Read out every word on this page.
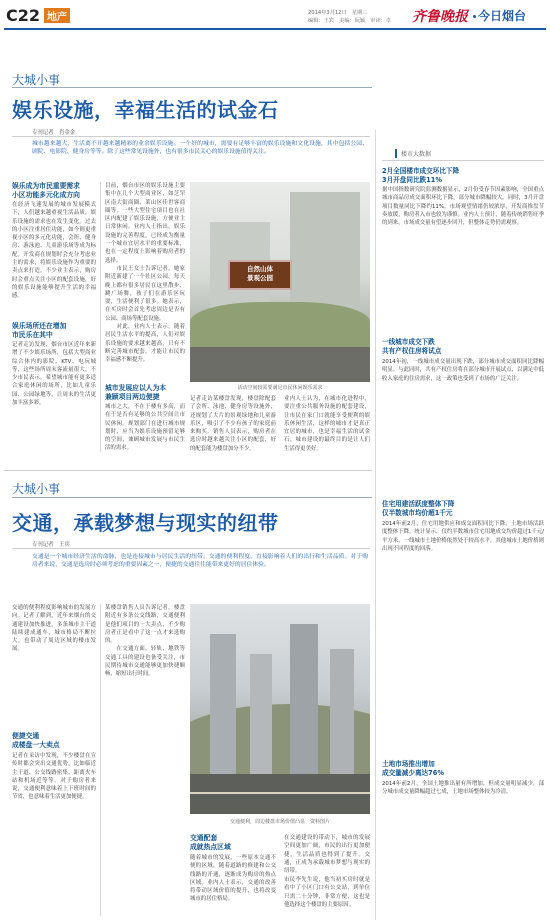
C22 地产	2014年3月12日　星期三
编辑：王宾　美编：阮颖　审读：卓 齐鲁晚报 今日烟台
大城小事
娱乐设施，幸福生活的试金石
专刊记者　肖金金
城市越来越大，生活离不开越来越精彩的业余娱乐设施。一个好的城市，需要有足够丰富的娱乐设施和文化设施，其中包括公园、剧院、电影院、健身房等等。除了这些常见设施外，也有很多市民关心的娱乐设施值得关注。
娱乐成为市民重要需求
小区功能多元化成方向
在经济飞速发展的城市发展模式下，人们越来越重视生活品质，娱乐设施的需求也在发生变化。过去的小区注重居住功能，如今则更重视小区的多元化功能，会所、健身房、游泳池、儿童游乐场等成为标配。开发商在规划时会充分考虑业主的需求，将娱乐设施作为重要的卖点来打造。不少业主表示，购房时会重点关注小区的配套设施，好的娱乐设施能够提升生活的幸福感。
娱乐场所还在增加
市民乐在其中
记者走访发现，烟台市区近年来新增了不少娱乐场所，包括大型商业综合体内的影院、KTV、电玩城等，这些场所周末客流量很大。不少市民表示，希望城市能有更多适合家庭休闲的场所，比如儿童乐园、公园绿地等，让周末的生活更加丰富多彩。
目前，烟台市区的娱乐设施主要集中在几个大型商业区，如芝罘区南大街商圈、莱山区佳世客商圈等。一些大型住宅项目也在社区内配建了娱乐设施，方便业主日常休闲。业内人士指出，娱乐设施的完善程度，已经成为衡量一个城市宜居水平的重要标准，也在一定程度上影响着购房者的选择。
　　市民王女士告诉记者，她家附近新建了一个社区公园，每天晚上都有很多居民在这里散步、跳广场舞，孩子们在游乐区玩耍，生活便利了很多。她表示，在买房时会首先考虑周边是否有公园、商场等配套设施。
　　对此，业内人士表示，随着居民生活水平的提高，人们对娱乐设施的要求越来越高，只有不断完善城市配套，才能让市民的幸福感不断提升。
城市发展应以人为本
兼顾项目两边便捷
城市之大，不在于楼有多高，而在于是否有足够的公共空间让市民休闲。规划部门在进行城市规划时，应当为娱乐设施预留足够的空间，兼顾城市发展与市民生活的需求。
自然山体
景观公园
活动空间较需要满足市民休闲娱乐需求
记者走访某楼盘发现，楼盘除配套了会所、泳池、健身房等设施外，还规划了大片的景观绿地和儿童游乐区，吸引了不少有孩子的家庭前来购买。销售人员表示，购房者在选房时越来越关注小区的配套，好的配套能为楼盘加分不少。
业内人士认为，在城市化进程中，要注重公共服务设施的配套建设，让市民在家门口就能享受便利的娱乐休闲生活，这样的城市才是真正宜居的城市，也是幸福生活的试金石。城市建设的最终目的是让人们生活得更美好。
楼市大数据
2月全国楼市成交环比下降
3月开盘同比跌11%
据中国指数研究院监测数据显示，2月份受春节因素影响，全国重点城市商品房成交面积环比下降，部分城市降幅较大。同时，3月开盘项目数量同比下降约11%，市场观望情绪仍较浓厚，开发商推盘节奏放缓，购房者入市也较为谨慎。业内人士预计，随着传统销售旺季的到来，市场成交量有望逐步回升，但整体走势仍需观察。
一线城市成交下跌
共有产权住房将试点
2014年初，一线城市成交量出现下跌，部分城市成交面积同比降幅明显。与此同时，共有产权住房将在部分城市开展试点，以满足中低收入家庭的住房需求，这一政策也受到了市场的广泛关注。
住宅用建活跃度整体下降
仅半数城市均价超1千元
2014年前2月，住宅用地供应和成交面积同比下降，土地市场活跃度整体下降。统计显示，仅约半数城市住宅用地成交均价超过1千元/平方米，一线城市土地价格依然处于较高水平，其他城市土地价格则出现不同程度的回落。
土地市场推出增加
成交量减少离达76%
2014年前2月，全国土地推出量有所增加，但成交量明显减少，部分城市成交量降幅超过七成，土地市场整体较为冷清。
大城小事
交通，承载梦想与现实的纽带
专刊记者　王宾
交通是一个城市经济生活的命脉，也是连接城市与居民生活的纽带。交通的便利程度，直接影响着人们的出行和生活品质。对于购房者来说，交通是选房时必须考虑的重要因素之一，便捷的交通往往能带来更好的居住体验。
交通的便利程度影响城市的发展方向。记者了解到，近年来烟台的交通建设加快推进，多条城市主干道陆续建成通车，城市格局不断拉大，也带动了周边区域的楼市发展。
便捷交通
成楼盘一大卖点
记者在采访中发现，不少楼盘在宣传时都会突出交通优势，比如临近主干道、公交线路密集、距离火车站和机场近等等。对于购房者来说，交通便利意味着上下班时间的节省，也意味着生活更加便捷。
某楼盘销售人员告诉记者，楼盘附近有多条公交线路，交通便利是他们项目的一大卖点，不少购房者正是看中了这一点才来选购的。
　　在交通方面，轻轨、地铁等交通工具的建设也备受关注，市民期待城市交通能够更加快捷顺畅，缩短出行时间。
交通便利，周边楼盘市场价值凸显　资料图片
交通配套
成就热点区域
随着城市的发展，一些原本交通不便的区域，随着道路的修建和公交线路的开通，逐渐成为购房的热点区域。业内人士表示，交通的改善将带动区域价值的提升，也将改变城市的居住格局。
在交通建设的带动下，城市的发展空间更加广阔，市民的出行更加便捷，生活品质也得到了提升。交通，正成为承载城市梦想与现实的纽带。
市民李先生说，他当初买房时就是看中了小区门口有公交站，到单位只需二十分钟，非常方便，这也是他选择这个楼盘的主要原因。
